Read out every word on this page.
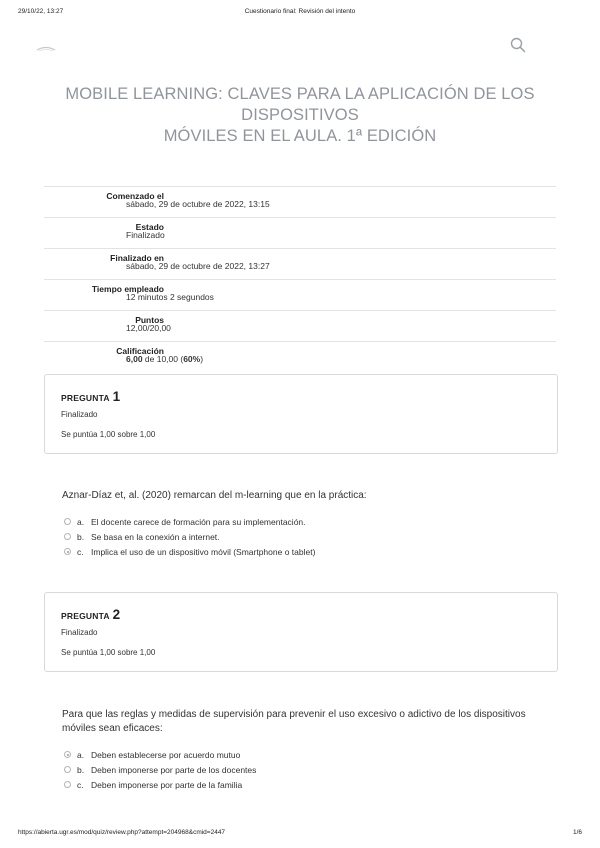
29/10/22, 13:27	Cuestionario final: Revisión del intento
MOBILE LEARNING: CLAVES PARA LA APLICACIÓN DE LOS DISPOSITIVOS
MÓVILES EN EL AULA. 1ª EDICIÓN
Comenzado el
sábado, 29 de octubre de 2022, 13:15
Estado
Finalizado
Finalizado en
sábado, 29 de octubre de 2022, 13:27
Tiempo empleado
12 minutos 2 segundos
Puntos
12,00/20,00
Calificación
6,00 de 10,00 (60%)
PREGUNTA 1
Finalizado
Se puntúa 1,00 sobre 1,00
Aznar-Díaz et, al. (2020) remarcan del m-learning que en la práctica:
a. El docente carece de formación para su implementación.
b. Se basa en la conexión a internet.
c. Implica el uso de un dispositivo móvil (Smartphone o tablet)
PREGUNTA 2
Finalizado
Se puntúa 1,00 sobre 1,00
Para que las reglas y medidas de supervisión para prevenir el uso excesivo o adictivo de los dispositivos
móviles sean eficaces:
a. Deben establecerse por acuerdo mutuo
b. Deben imponerse por parte de los docentes
c. Deben imponerse por parte de la familia
https://abierta.ugr.es/mod/quiz/review.php?attempt=204968&cmid=2447	1/6
